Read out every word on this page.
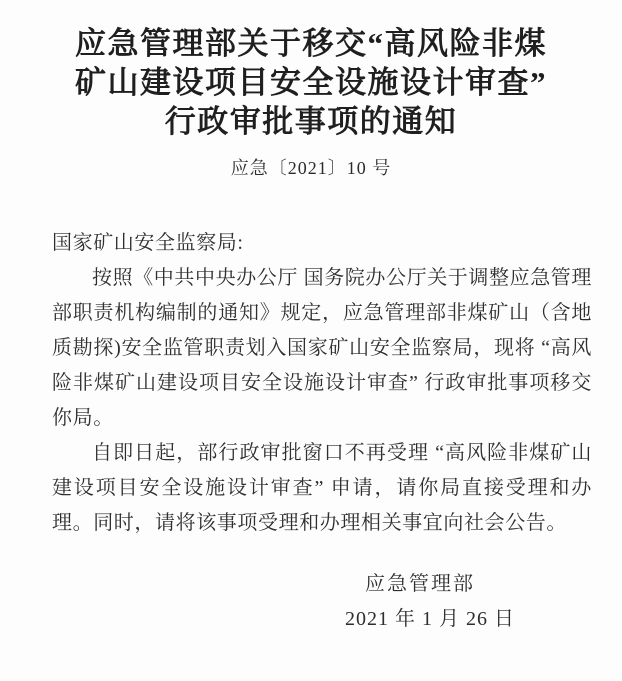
应急管理部关于移交“高风险非煤
矿山建设项目安全设施设计审查”
行政审批事项的通知
应急〔2021〕10 号
国家矿山安全监察局:

按照《中共中央办公厅 国务院办公厅关于调整应急管理部职责机构编制的通知》规定，应急管理部非煤矿山（含地质勘探)安全监管职责划入国家矿山安全监察局，现将 “高风险非煤矿山建设项目安全设施设计审查” 行政审批事项移交你局。

自即日起，部行政审批窗口不再受理 “高风险非煤矿山建设项目安全设施设计审查” 申请，请你局直接受理和办理。同时，请将该事项受理和办理相关事宜向社会公告。

应急管理部
2021 年 1 月 26 日
